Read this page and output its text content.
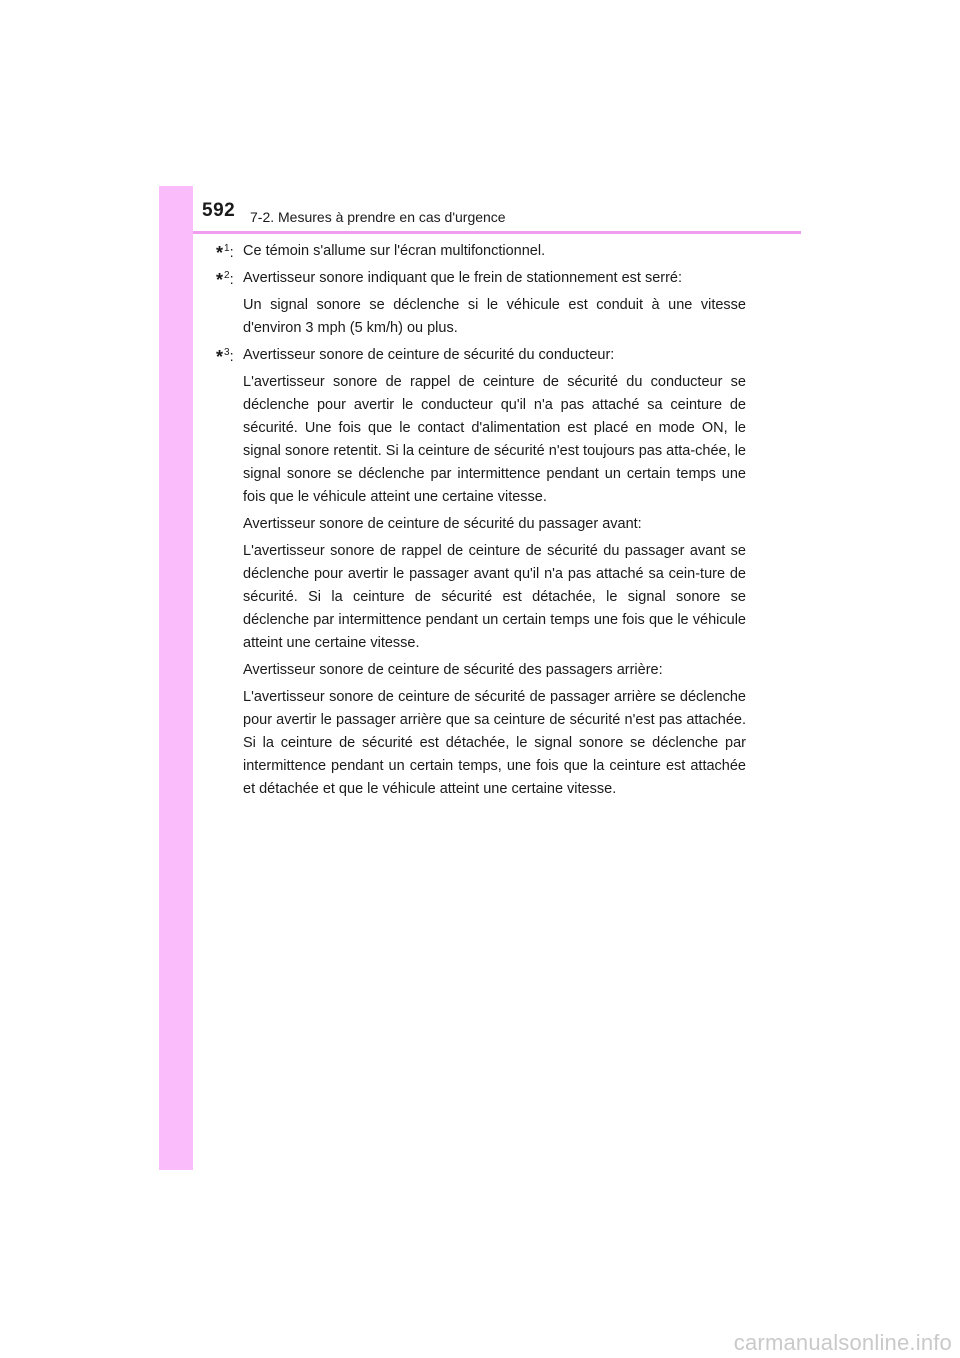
592 7-2. Mesures à prendre en cas d'urgence
*$^1$: Ce témoin s'allume sur l'écran multifonctionnel.
*$^2$: Avertisseur sonore indiquant que le frein de stationnement est serré:

Un signal sonore se déclenche si le véhicule est conduit à une vitesse d'environ 3 mph (5 km/h) ou plus.

*$^3$: Avertisseur sonore de ceinture de sécurité du conducteur:

L'avertisseur sonore de rappel de ceinture de sécurité du conducteur se déclenche pour avertir le conducteur qu'il n'a pas attaché sa ceinture de sécurité. Une fois que le contact d'alimentation est placé en mode ON, le signal sonore retentit. Si la ceinture de sécurité n'est toujours pas atta-chée, le signal sonore se déclenche par intermittence pendant un certain temps une fois que le véhicule atteint une certaine vitesse.

Avertisseur sonore de ceinture de sécurité du passager avant:

L'avertisseur sonore de rappel de ceinture de sécurité du passager avant se déclenche pour avertir le passager avant qu'il n'a pas attaché sa cein-ture de sécurité. Si la ceinture de sécurité est détachée, le signal sonore se déclenche par intermittence pendant un certain temps une fois que le véhicule atteint une certaine vitesse.

Avertisseur sonore de ceinture de sécurité des passagers arrière:

L'avertisseur sonore de ceinture de sécurité de passager arrière se déclenche pour avertir le passager arrière que sa ceinture de sécurité n'est pas attachée. Si la ceinture de sécurité est détachée, le signal sonore se déclenche par intermittence pendant un certain temps, une fois que la ceinture est attachée et détachée et que le véhicule atteint une certaine vitesse.

carmanualsonline.info
